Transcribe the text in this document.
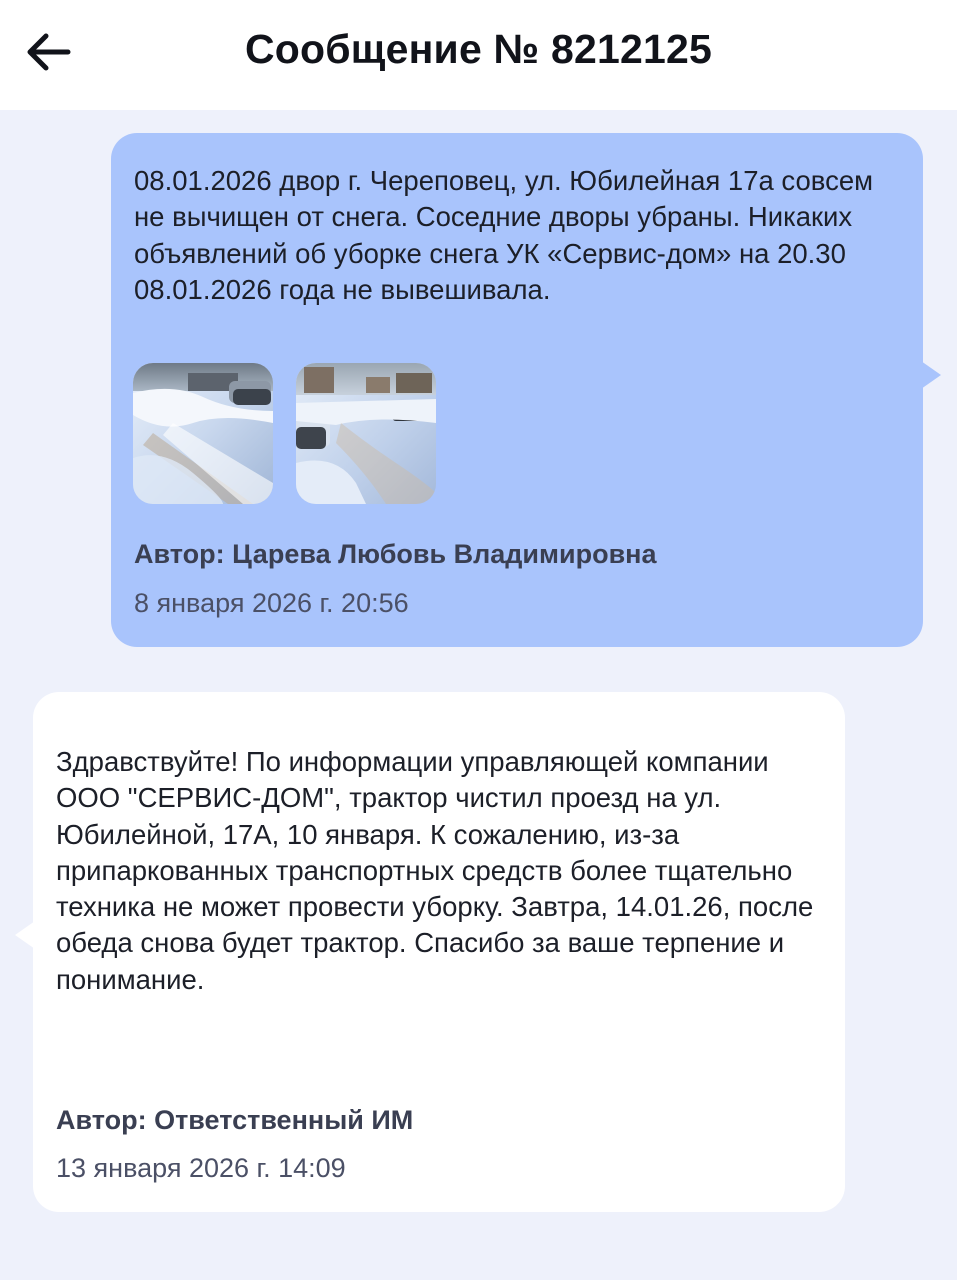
Сообщение № 8212125

08.01.2026 двор г. Череповец, ул. Юбилейная 17а совсем не вычищен от снега. Соседние дворы убраны. Никаких объявлений об уборке снега УК «Сервис-дом» на 20.30 08.01.2026 года не вывешивала.

Автор: Царева Любовь Владимировна
8 января 2026 г. 20:56

Здравствуйте! По информации управляющей компании ООО "СЕРВИС-ДОМ", трактор чистил проезд на ул. Юбилейной, 17А, 10 января. К сожалению, из-за припаркованных транспортных средств более тщательно техника не может провести уборку. Завтра, 14.01.26, после обеда снова будет трактор. Спасибо за ваше терпение и понимание.

Автор: Ответственный ИМ
13 января 2026 г. 14:09
